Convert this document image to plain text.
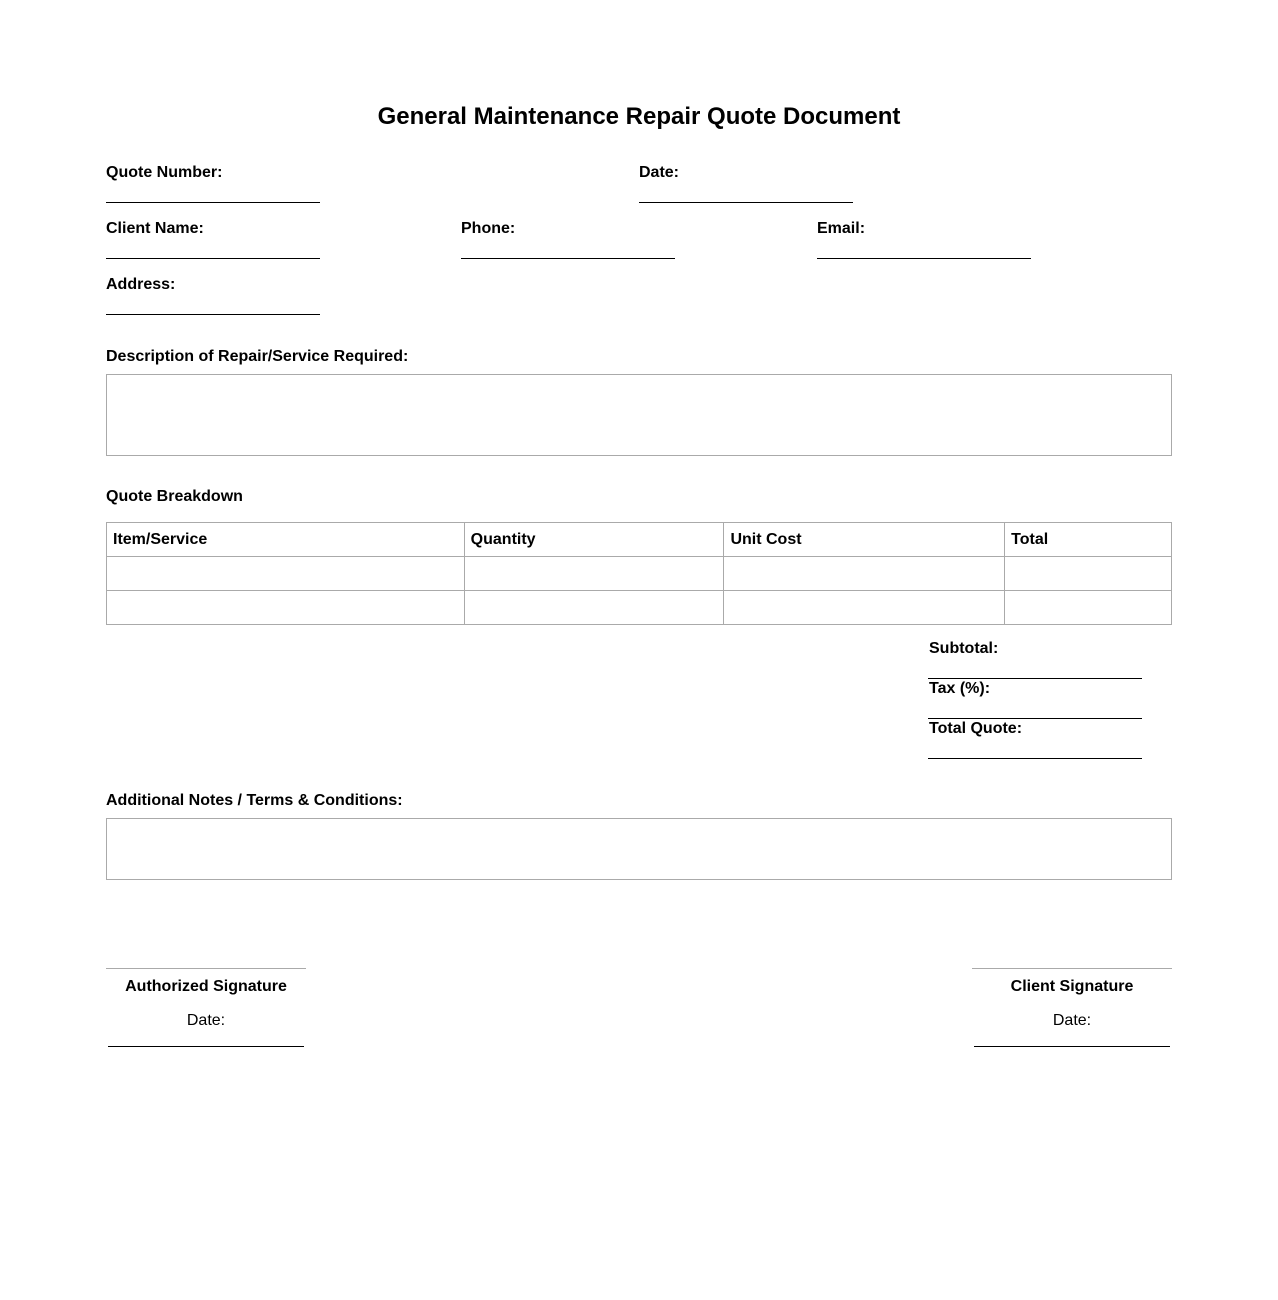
General Maintenance Repair Quote Document
Quote Number:	Date:
Client Name:	Phone:	Email:
Address:
Description of Repair/Service Required:
Quote Breakdown
Item/Service	Quantity	Unit Cost	Total

Subtotal:
Tax (%):
Total Quote:
Additional Notes / Terms & Conditions:
Authorized Signature
Date:
Client Signature
Date:
